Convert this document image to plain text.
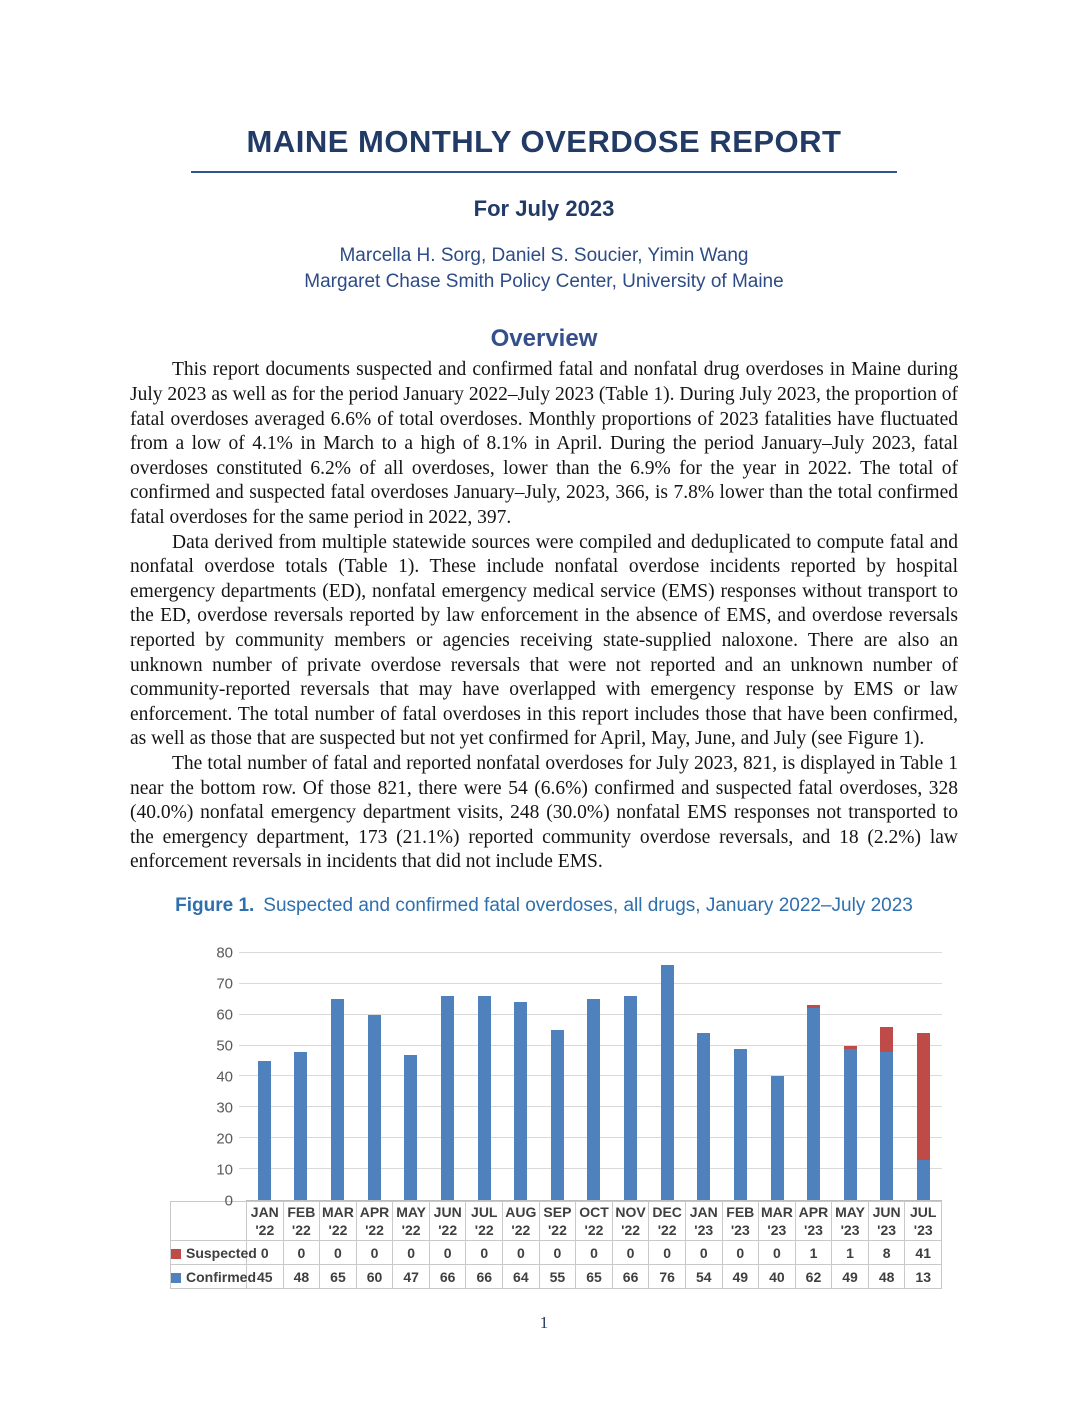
MAINE MONTHLY OVERDOSE REPORT
For July 2023
Marcella H. Sorg, Daniel S. Soucier, Yimin Wang
Margaret Chase Smith Policy Center, University of Maine
Overview

This report documents suspected and confirmed fatal and nonfatal drug overdoses in Maine during July 2023 as well as for the period January 2022–July 2023 (Table 1). During July 2023, the proportion of fatal overdoses averaged 6.6% of total overdoses. Monthly proportions of 2023 fatalities have fluctuated from a low of 4.1% in March to a high of 8.1% in April. During the period January–July 2023, fatal overdoses constituted 6.2% of all overdoses, lower than the 6.9% for the year in 2022. The total of confirmed and suspected fatal overdoses January–July, 2023, 366, is 7.8% lower than the total confirmed fatal overdoses for the same period in 2022, 397.

Data derived from multiple statewide sources were compiled and deduplicated to compute fatal and nonfatal overdose totals (Table 1). These include nonfatal overdose incidents reported by hospital emergency departments (ED), nonfatal emergency medical service (EMS) responses without transport to the ED, overdose reversals reported by law enforcement in the absence of EMS, and overdose reversals reported by community members or agencies receiving state-supplied naloxone. There are also an unknown number of private overdose reversals that were not reported and an unknown number of community-reported reversals that may have overlapped with emergency response by EMS or law enforcement. The total number of fatal overdoses in this report includes those that have been confirmed, as well as those that are suspected but not yet confirmed for April, May, June, and July (see Figure 1).

The total number of fatal and reported nonfatal overdoses for July 2023, 821, is displayed in Table 1 near the bottom row. Of those 821, there were 54 (6.6%) confirmed and suspected fatal overdoses, 328 (40.0%) nonfatal emergency department visits, 248 (30.0%) nonfatal EMS responses not transported to the emergency department, 173 (21.1%) reported community overdose reversals, and 18 (2.2%) law enforcement reversals in incidents that did not include EMS.

Figure 1. Suspected and confirmed fatal overdoses, all drugs, January 2022–July 2023
80
70
60
50
40
30
20
10
0

JAN
'22

FEB
'22

MAR
'22

APR
'22

MAY
'22

JUN
'22

JUL
'22

AUG
'22

SEP
'22

OCT
'22

NOV
'22

DEC
'22

JAN
'23

FEB
'23

MAR
'23

APR
'23

MAY
'23

JUN
'23

JUL
'23

Suspected	0	0	0	0	0	0	0	0	0	0	0	0	0	0	0	1	1	8	41
Confirmed	45	48	65	60	47	66	66	64	55	65	66	76	54	49	40	62	49	48	13
1
